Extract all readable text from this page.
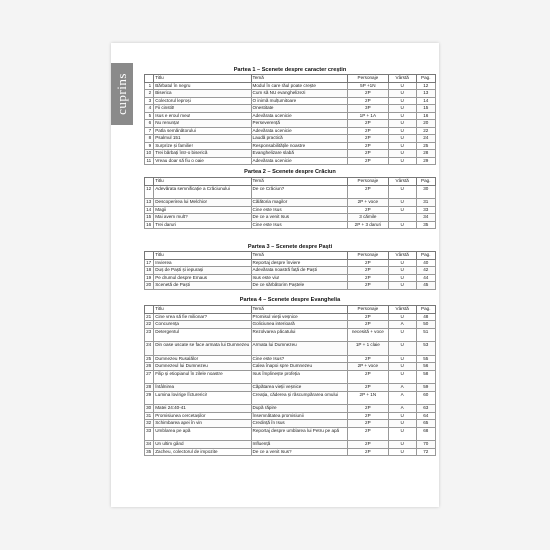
cuprins
Partea 1 – Scenete despre caracter creștin
	Titlu	Temă	Personaje	Vârstă	Pag.
1	Bărbatul în negru	Modul în care răul poate crește	5P +1N	U	12
2	Biserica	Cum să NU evanghelizezi	2P	U	13
3	Colectorul leproși	O inimă mulțumitoare	2P	U	14
4	Fii cinstit!	Onestitate	3P	U	15
5	Isus e eroul meu!	Adevărata ucenicie	1P + 1A	U	16
6	Nu renunța!	Perseverență	2P	U	20
7	Patla semănătorului	Adevărata ucenicie	2P	U	22
8	Psalmul 151	Laudă practică	2P	U	24
9	Surprize și familie!	Responsabilitățile noastre	2P	U	25
10	Trei bărbați într-o biserică	Evanghelizare slabă	2P	U	28
11	Vreau doar să fiu o oaie	Adevărata ucenicie	2P	U	29
Partea 2 – Scenete despre Crăciun
	Titlu	Temă	Personaje	Vârstă	Pag.
12	Adevărata semnificație a Crăciunului	De ce Crăciun?	2P	U	30
13	Descoperirea lui Melchior	Călătoria magilor	2P + voce	U	31
14	Magii	Cine este Isus	2P	U	33
15	Mai avem mult?	De ce a venit Isus	3 cămile		34
16	Trei daruri	Cine este Isus	2P + 3 daruri	U	35
Partea 3 – Scenete despre Paști
	Titlu	Temă	Personaje	Vârstă	Pag.
17	Invierea	Reportaj despre înviere	2P	U	40
18	Duș de Paști și iepurași	Adevărata noastră față de Paști	2P	U	42
19	Pe drumul despre Emaus	Isus este viu!	2P	U	44
20	Scenetă de Paști	De ce sărbătorim Paștele	2P	U	45
Partea 4 – Scenete despre Evanghelia
	Titlu	Temă	Personaje	Vârstă	Pag.
21	Cine vrea să fie milionar?	Promisul vieții veșnice	2P	U	48
22	Concurența	Goliciunea interioară	2P	A	50
23	Detergentul	Rezolvarea păcatului	necesită + voce	U	51
24	Din oase uscate se face armata lui Dumnezeu	Armata lui Dumnezeu	1P + 1 claie	U	53
25	Dumnezeu Rusalălor	Cine este Isus?	2P	U	55
26	Dumnezeul lui Dumnezeu	Calea înapoi spre Dumnezeu	2P + voce	U	56
27	Filip și etiopianul în zilele noastre	Isus împlinește profeția	2P	U	58
28	Întâlnirea	Căpătarea vieții veșnice	2P	A	59
29	Lumina lovirige lîcturerici!	Creația, căderea și răscumpărarea omului	2P + 1N	A	60
30	Matei 24:40-41	După răpire	2P	A	63
31	Promisiunea cercetașilor	Însemnătatea promisiunii	2P	U	64
32	Schimbarea apei în vin	Credință în Isus	2P	U	65
33	Umblarea pe apă	Reportaj despre umblarea lui Petru pe apă	2P	U	68
34	Un ultim gând	Influență	2P	U	70
35	Zacheu, colectorul de impozite	De ce a venit Isus?	2P	U	72
